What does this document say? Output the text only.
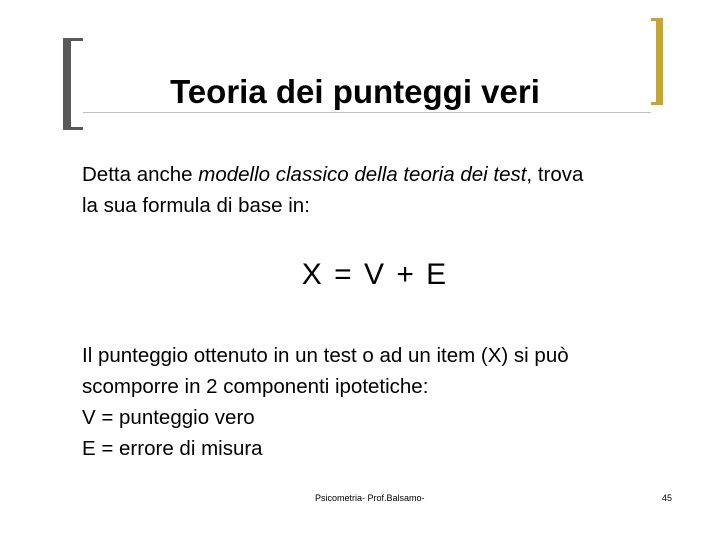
Teoria dei punteggi veri
Detta anche modello classico della teoria dei test, trova
la sua formula di base in:
X = V + E
Il punteggio ottenuto in un test o ad un item (X) si può
scomporre in 2 componenti ipotetiche:
V = punteggio vero
E = errore di misura
Psicometria- Prof.Balsamo-	45
